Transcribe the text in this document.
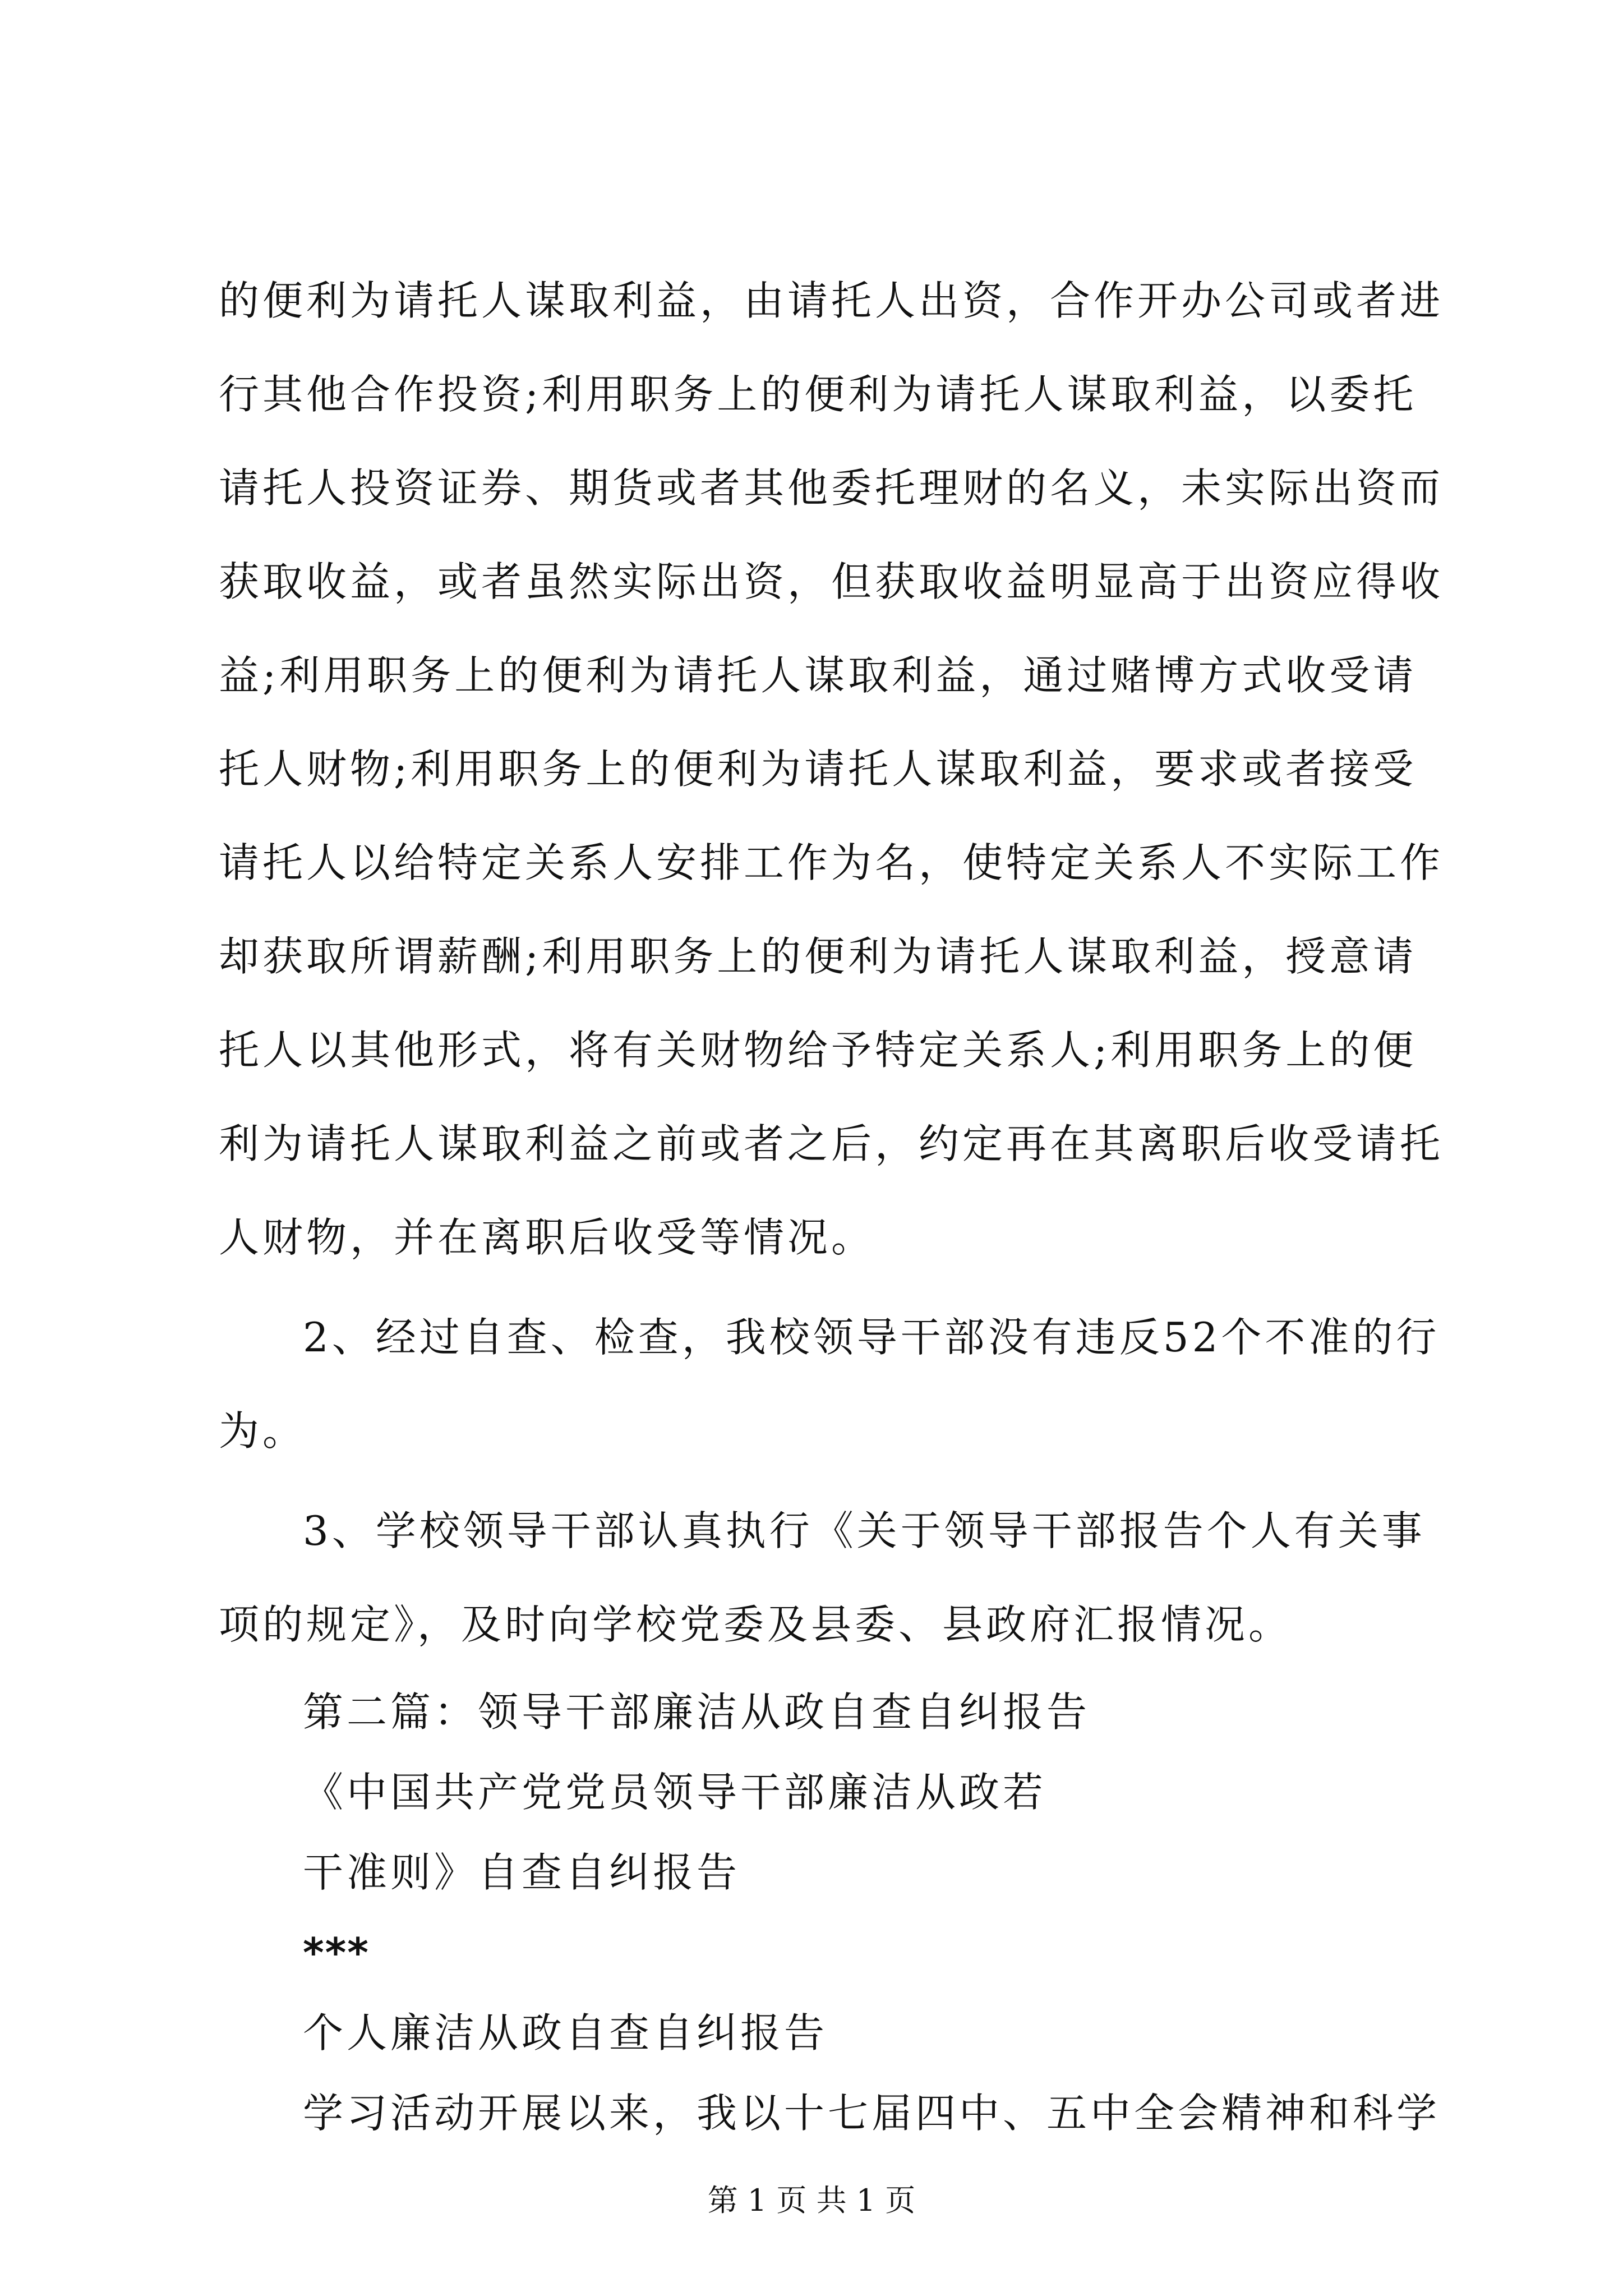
的便利为请托人谋取利益，由请托人出资，合作开办公司或者进
行其他合作投资;利用职务上的便利为请托人谋取利益，以委托
请托人投资证券、期货或者其他委托理财的名义，未实际出资而
获取收益，或者虽然实际出资，但获取收益明显高于出资应得收
益;利用职务上的便利为请托人谋取利益，通过赌博方式收受请
托人财物;利用职务上的便利为请托人谋取利益，要求或者接受
请托人以给特定关系人安排工作为名，使特定关系人不实际工作
却获取所谓薪酬;利用职务上的便利为请托人谋取利益，授意请
托人以其他形式，将有关财物给予特定关系人;利用职务上的便
利为请托人谋取利益之前或者之后，约定再在其离职后收受请托
人财物，并在离职后收受等情况。
2、经过自查、检查，我校领导干部没有违反52个不准的行
为。
3、学校领导干部认真执行《关于领导干部报告个人有关事
项的规定》，及时向学校党委及县委、县政府汇报情况。
第二篇：领导干部廉洁从政自查自纠报告
《中国共产党党员领导干部廉洁从政若
干准则》自查自纠报告
***
个人廉洁从政自查自纠报告
学习活动开展以来，我以十七届四中、五中全会精神和科学
第 1 页 共 1 页
